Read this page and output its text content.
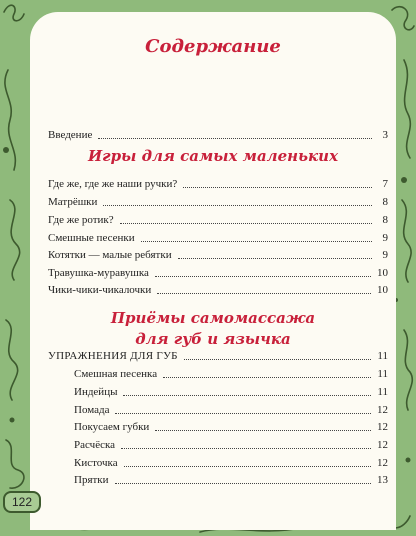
Содержание
Введение	3
Игры для самых маленьких
Где же, где же наши ручки?	7
Матрёшки	8
Где же ротик?	8
Смешные песенки	9
Котятки — малые ребятки	9
Травушка-муравушка	10
Чики-чики-чикалочки	10
Приёмы самомассажа
для губ и язычка
УПРАЖНЕНИЯ ДЛЯ ГУБ	11
Смешная песенка	11
Индейцы	11
Помада	12
Покусаем губки	12
Расчёска	12
Кисточка	12
Прятки	13
122
